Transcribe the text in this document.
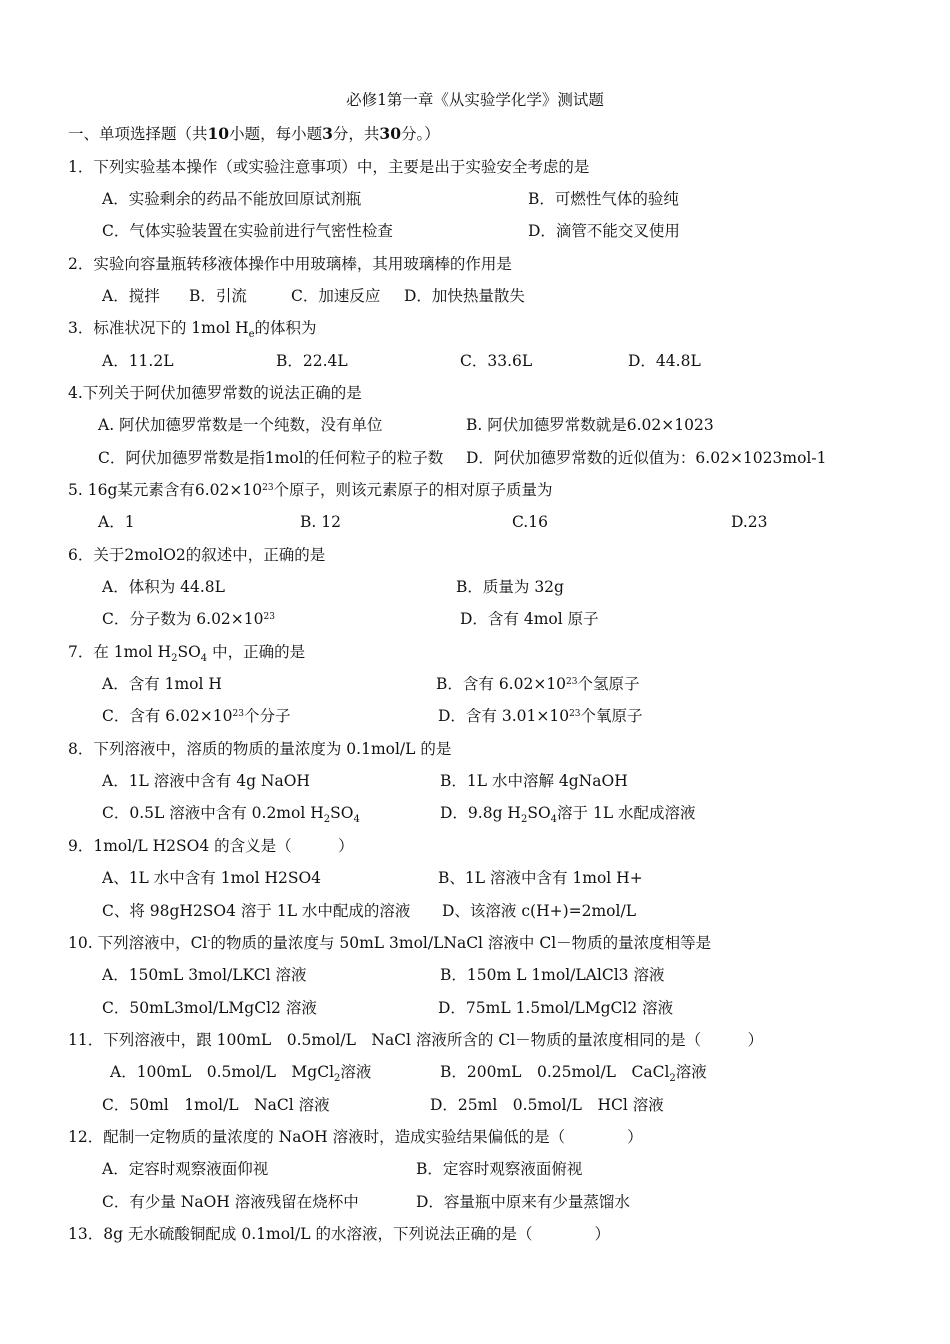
必修1第一章《从实验学化学》测试题
一、单项选择题（共10小题，每小题3分，共30分。）
1．下列实验基本操作（或实验注意事项）中，主要是出于实验安全考虑的是
A．实验剩余的药品不能放回原试剂瓶	B．可燃性气体的验纯
C．气体实验装置在实验前进行气密性检查	D．滴管不能交叉使用
2．实验向容量瓶转移液体操作中用玻璃棒，其用玻璃棒的作用是
A．搅拌 B．引流	C．加速反应 D．加快热量散失
3．标准状况下的 1mol $H_e$的体积为
A．11.2L	B．22.4L	C．33.6L	D．44.8L
4.下列关于阿伏加德罗常数的说法正确的是
A. 阿伏加德罗常数是一个纯数，没有单位	B. 阿伏加德罗常数就是6.02×1023
C．阿伏加德罗常数是指1mol的任何粒子的粒子数 D．阿伏加德罗常数的近似值为：6.02×1023mol-1
5. 16g某元素含有$6.02\times 10^{23}$个原子，则该元素原子的相对原子质量为
A．1	B. 12	C.16	D.23
6．关于2molO2的叙述中，正确的是
A．体积为 44.8L	B．质量为 32g
C．分子数为 $6.02\times 10^{23}$	D．含有 4mol 原子
7．在 1mol $H_2SO_4$ 中，正确的是
A．含有 1mol H	B．含有 $6.02\times 10^{23}$个氢原子
C．含有 $6.02\times 10^{23}$个分子	D．含有 $3.01\times 10^{23}$个氧原子
8．下列溶液中，溶质的物质的量浓度为 0.1mol/L 的是
A．1L 溶液中含有 4g NaOH	B．1L 水中溶解 4gNaOH
C．0.5L 溶液中含有 0.2mol $H_2SO_4$	D．9.8g $H_2SO_4$溶于 1L 水配成溶液
9．1mol/L H2SO4 的含义是（　　　）
A、1L 水中含有 1mol H2SO4	B、1L 溶液中含有 1mol H+
C、将 98gH2SO4 溶于 1L 水中配成的溶液 D、该溶液 c(H+)=2mol/L
10. 下列溶液中，Cl-的物质的量浓度与 50mL 3mol/LNaCl 溶液中 Cl－物质的量浓度相等是
A．150mL 3mol/LKCl 溶液	B．150m L 1mol/LAlCl3 溶液
C．50mL3mol/LMgCl2 溶液	D．75mL 1.5mol/LMgCl2 溶液
11．下列溶液中，跟 100mL　0.5mol/L　NaCl 溶液所含的 Cl－物质的量浓度相同的是（　　　）
A．100mL　0.5mol/L　MgCl$_2$溶液	B．200mL　0.25mol/L　CaCl$_2$溶液
C．50ml　1mol/L　NaCl 溶液	D．25ml　0.5mol/L　HCl 溶液
12．配制一定物质的量浓度的 NaOH 溶液时，造成实验结果偏低的是（　　　　）
A．定容时观察液面仰视	B．定容时观察液面俯视
C．有少量 NaOH 溶液残留在烧杯中	D．容量瓶中原来有少量蒸馏水
13．8g 无水硫酸铜配成 0.1mol/L 的水溶液，下列说法正确的是（　　　　）
